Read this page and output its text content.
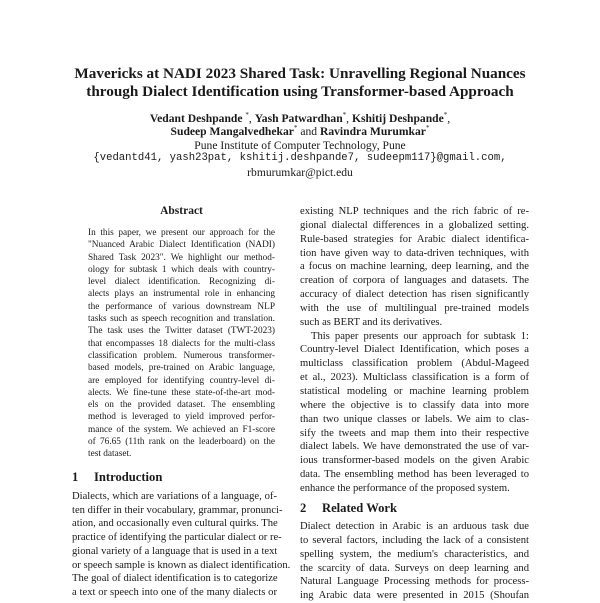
Mavericks at NADI 2023 Shared Task: Unravelling Regional Nuances
through Dialect Identification using Transformer-based Approach
Vedant Deshpande *, Yash Patwardhan*, Kshitij Deshpande*,
Sudeep Mangalvedhekar* and Ravindra Murumkar*
Pune Institute of Computer Technology, Pune
{vedantd41, yash23pat, kshitij.deshpande7, sudeepm117}@gmail.com,
rbmurumkar@pict.edu
Abstract
In this paper, we present our approach for the
"Nuanced Arabic Dialect Identification (NADI)
Shared Task 2023". We highlight our method-
ology for subtask 1 which deals with country-
level dialect identification. Recognizing di-
alects plays an instrumental role in enhancing
the performance of various downstream NLP
tasks such as speech recognition and translation.
The task uses the Twitter dataset (TWT-2023)
that encompasses 18 dialects for the multi-class
classification problem. Numerous transformer-
based models, pre-trained on Arabic language,
are employed for identifying country-level di-
alects. We fine-tune these state-of-the-art mod-
els on the provided dataset. The ensembling
method is leveraged to yield improved perfor-
mance of the system. We achieved an F1-score
of 76.65 (11th rank on the leaderboard) on the
test dataset.
1 Introduction
Dialects, which are variations of a language, of-
ten differ in their vocabulary, grammar, pronunci-
ation, and occasionally even cultural quirks. The
practice of identifying the particular dialect or re-
gional variety of a language that is used in a text
or speech sample is known as dialect identification.
The goal of dialect identification is to categorize
a text or speech into one of the many dialects or
existing NLP techniques and the rich fabric of re-
gional dialectal differences in a globalized setting.
Rule-based strategies for Arabic dialect identifica-
tion have given way to data-driven techniques, with
a focus on machine learning, deep learning, and the
creation of corpora of languages and datasets. The
accuracy of dialect detection has risen significantly
with the use of multilingual pre-trained models
such as BERT and its derivatives.
This paper presents our approach for subtask 1:
Country-level Dialect Identification, which poses a
multiclass classification problem (Abdul-Mageed
et al., 2023). Multiclass classification is a form of
statistical modeling or machine learning problem
where the objective is to classify data into more
than two unique classes or labels. We aim to clas-
sify the tweets and map them into their respective
dialect labels. We have demonstrated the use of var-
ious transformer-based models on the given Arabic
data. The ensembling method has been leveraged to
enhance the performance of the proposed system.
2 Related Work
Dialect detection in Arabic is an arduous task due
to several factors, including the lack of a consistent
spelling system, the medium's characteristics, and
the scarcity of data. Surveys on deep learning and
Natural Language Processing methods for process-
ing Arabic data were presented in 2015 (Shoufan
